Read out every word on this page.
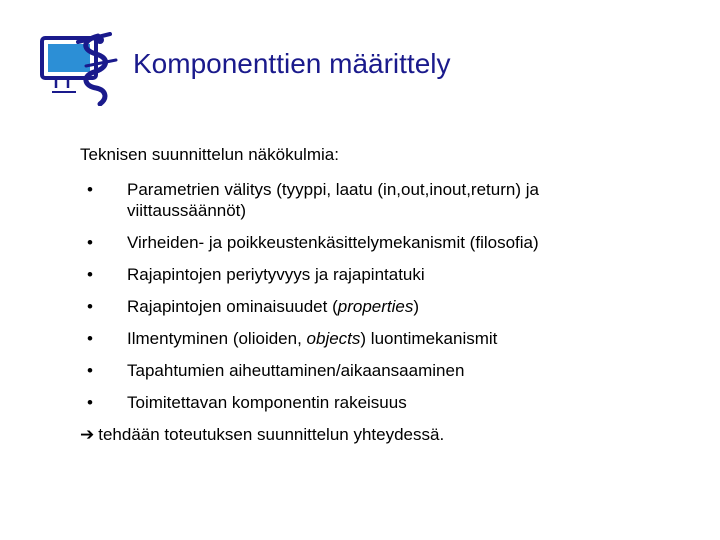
Komponenttien määrittely
Teknisen suunnittelun näkökulmia:
•	Parametrien välitys (tyyppi, laatu (in,out,inout,return) ja viittaussäännöt)
•	Virheiden- ja poikkeustenkäsittelymekanismit (filosofia)
•	Rajapintojen periytyvyys ja rajapintatuki
•	Rajapintojen ominaisuudet (properties)
•	Ilmentyminen (olioiden, objects) luontimekanismit
•	Tapahtumien aiheuttaminen/aikaansaaminen
•	Toimitettavan komponentin rakeisuus
➔ tehdään toteutuksen suunnittelun yhteydessä.
